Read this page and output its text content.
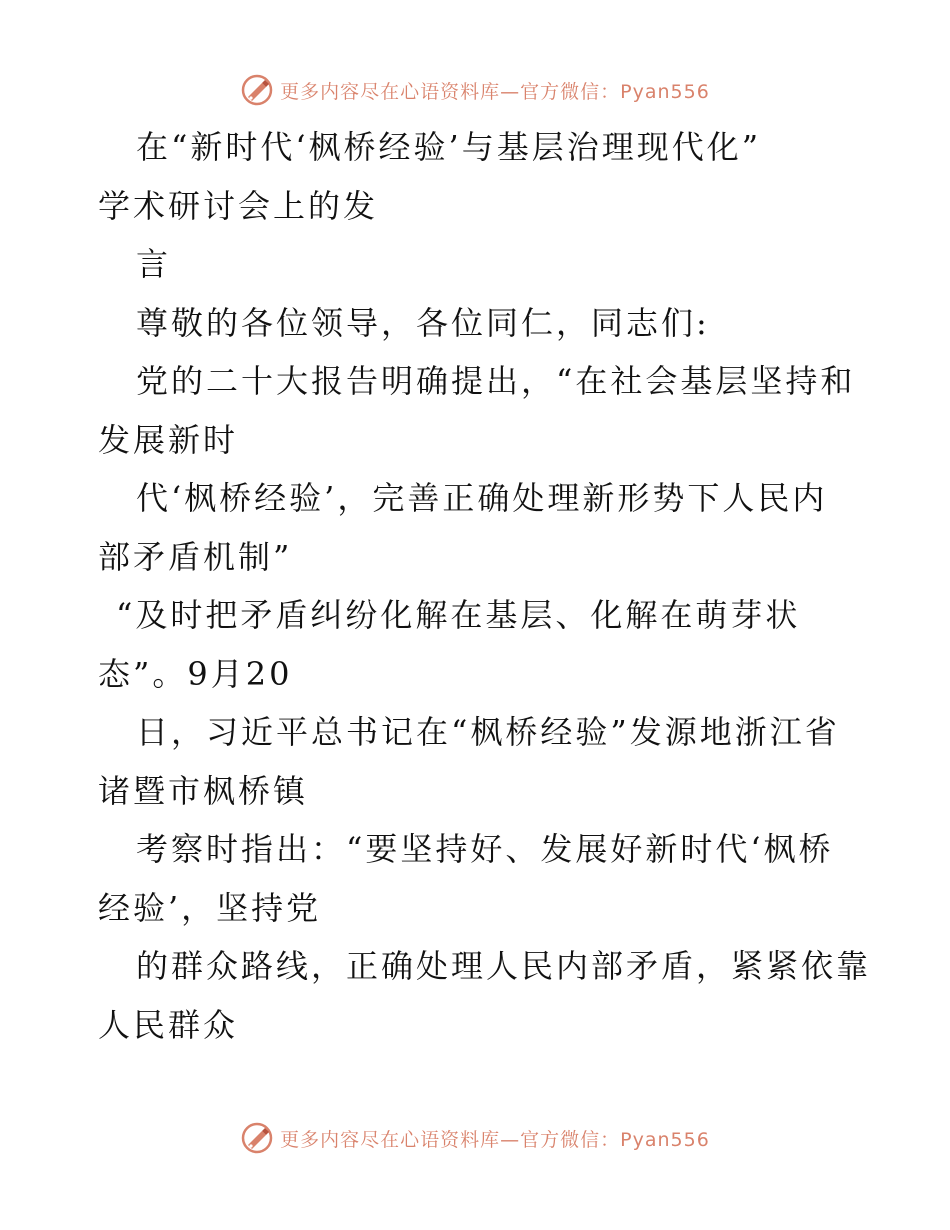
更多内容尽在心语资料库—官方微信：Pyan556
在“新时代‘枫桥经验’与基层治理现代化”
学术研讨会上的发
言
尊敬的各位领导，各位同仁，同志们:
党的二十大报告明确提出，“在社会基层坚持和
发展新时
代‘枫桥经验’，完善正确处理新形势下人民内
部矛盾机制”
“及时把矛盾纠纷化解在基层、化解在萌芽状
态”。9月20
日，习近平总书记在“枫桥经验”发源地浙江省
诸暨市枫桥镇
考察时指出：“要坚持好、发展好新时代‘枫桥
经验’，坚持党
的群众路线，正确处理人民内部矛盾，紧紧依靠
人民群众
更多内容尽在心语资料库—官方微信：Pyan556
